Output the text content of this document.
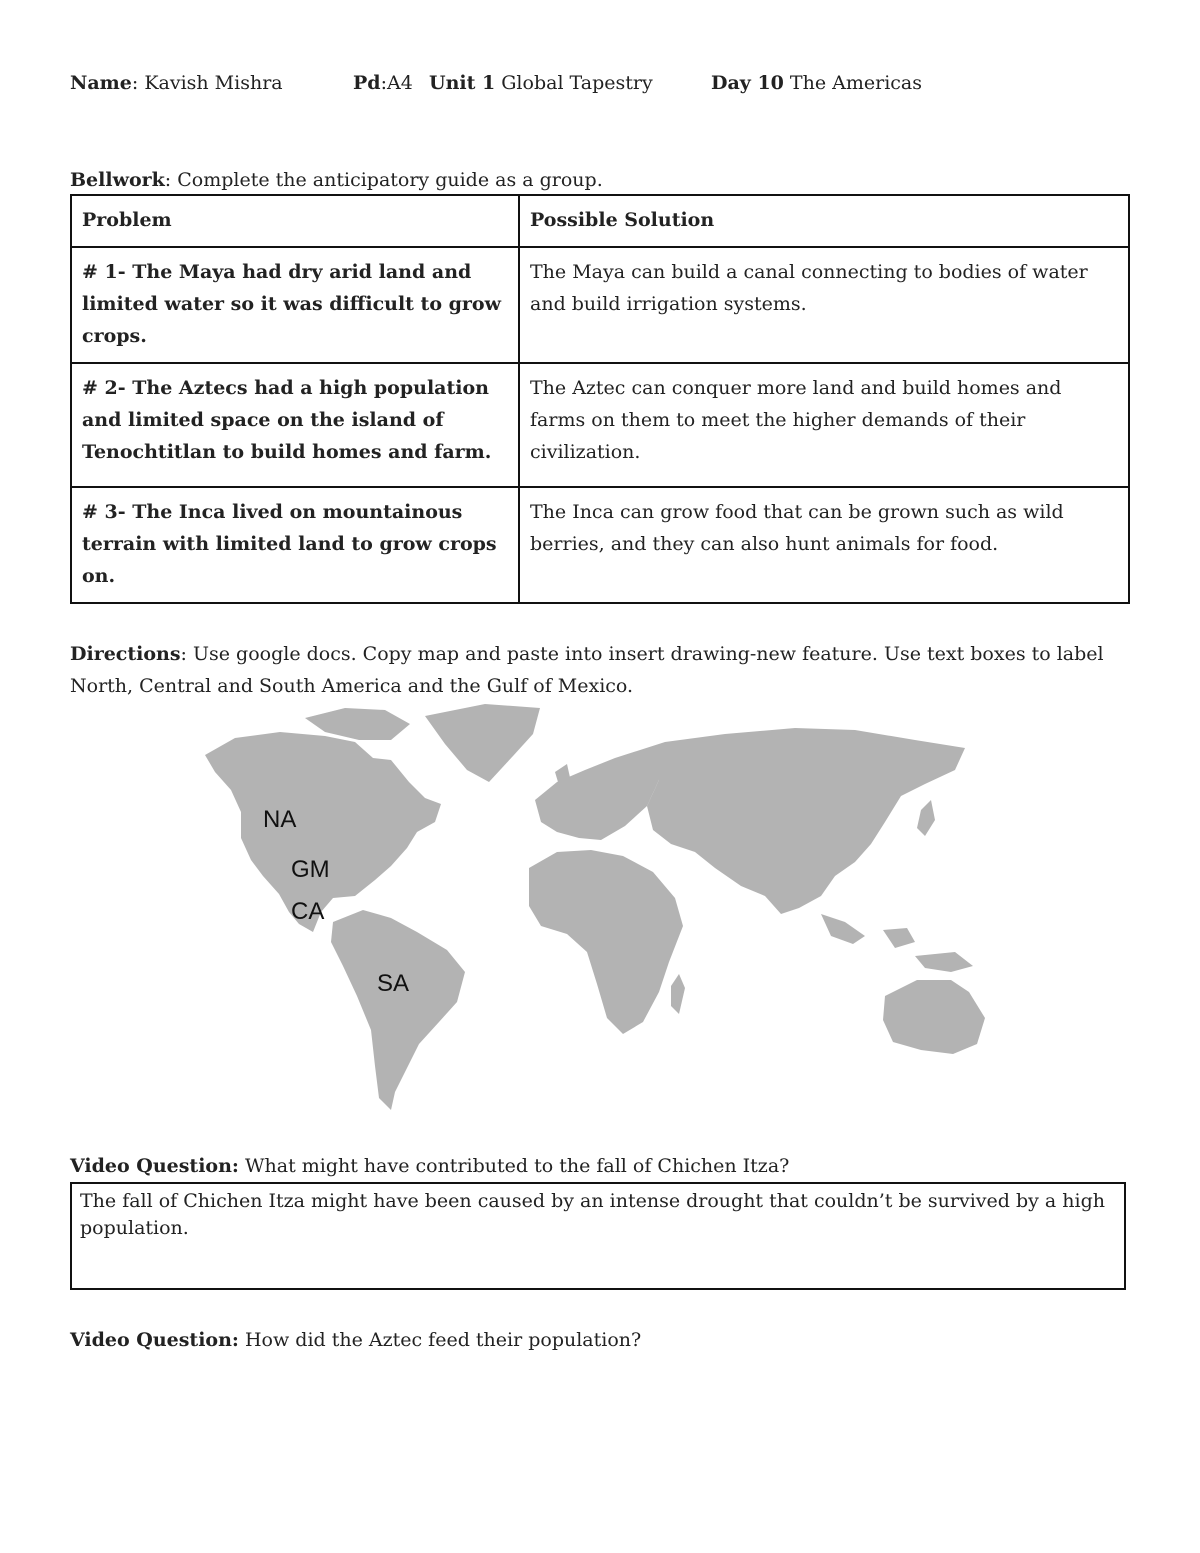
Name: Kavish Mishra	Pd:A4 Unit 1 Global Tapestry	Day 10 The Americas
Bellwork: Complete the anticipatory guide as a group.
Problem	Possible Solution
# 1- The Maya had dry arid land and limited water so it was difficult to grow crops.	The Maya can build a canal connecting to bodies of water and build irrigation systems.
# 2- The Aztecs had a high population and limited space on the island of Tenochtitlan to build homes and farm.	The Aztec can conquer more land and build homes and farms on them to meet the higher demands of their civilization.
# 3- The Inca lived on mountainous terrain with limited land to grow crops on.	The Inca can grow food that can be grown such as wild berries, and they can also hunt animals for food.
Directions: Use google docs. Copy map and paste into insert drawing-new feature. Use text boxes to label North, Central and South America and the Gulf of Mexico.
NA
GM
CA
SA
Video Question: What might have contributed to the fall of Chichen Itza?
The fall of Chichen Itza might have been caused by an intense drought that couldn’t be survived by a high population.
Video Question: How did the Aztec feed their population?
